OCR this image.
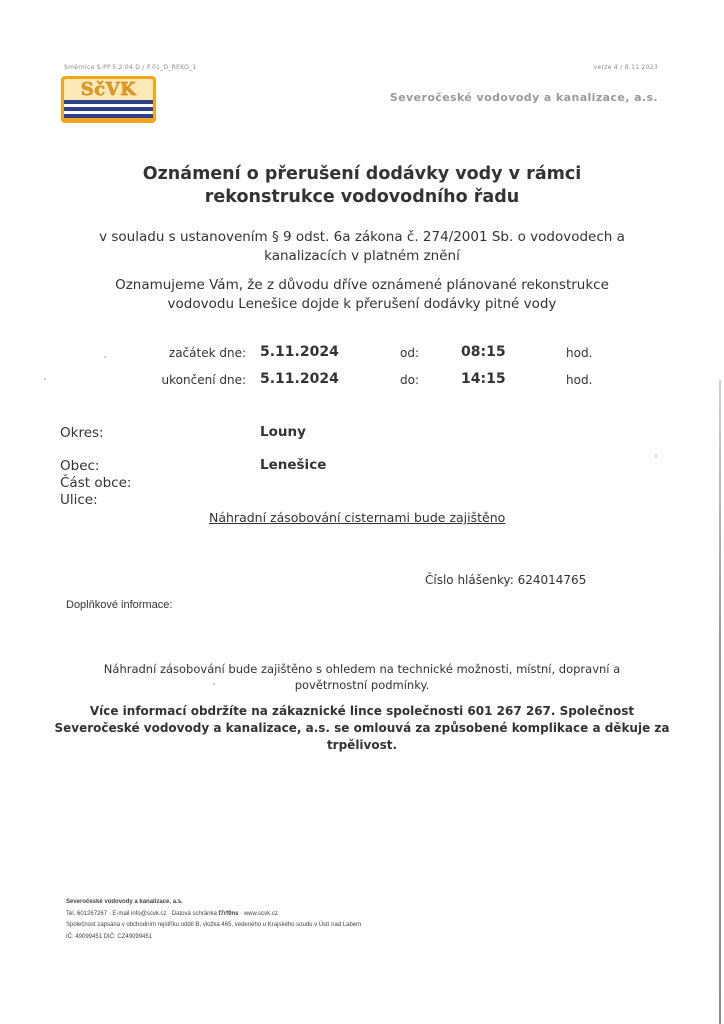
Směrnice S.PP.5.2.04 D / F.01_D_REKO_1	verze 4 / 8.11.2023
SčVK	Severočeské vodovody a kanalizace, a.s.
Oznámení o přerušení dodávky vody v rámci
rekonstrukce vodovodního řadu
v souladu s ustanovením § 9 odst. 6a zákona č. 274/2001 Sb. o vodovodech a
kanalizacích v platném znění
Oznamujeme Vám, že z důvodu dříve oznámené plánované rekonstrukce
vodovodu Lenešice dojde k přerušení dodávky pitné vody
začátek dne: 5.11.2024	od:	08:15	hod.
ukončení dne: 5.11.2024	do:	14:15	hod.
Okres:	Louny
Obec:	Lenešice
Část obce:
Ulice:
Náhradní zásobování cisternami bude zajištěno
Číslo hlášenky: 624014765
Doplňkové informace:
Náhradní zásobování bude zajištěno s ohledem na technické možnosti, místní, dopravní a
povětrnostní podmínky.
Více informací obdržíte na zákaznické lince společnosti 601 267 267. Společnost
Severočeské vodovody a kanalizace, a.s. se omlouvá za způsobené komplikace a děkuje za
trpělivost.
Severočeské vodovody a kanalizace, a.s.
Tel. 601267267 · E-mail info@scvk.cz · Datová schránka f7rf9ns · www.scvk.cz
Společnost zapsána v obchodním rejstříku oddíl B, vložka 465, vedeného u Krajského soudu v Ústí nad Labem
IČ: 49099451 DIČ: CZ49099451
